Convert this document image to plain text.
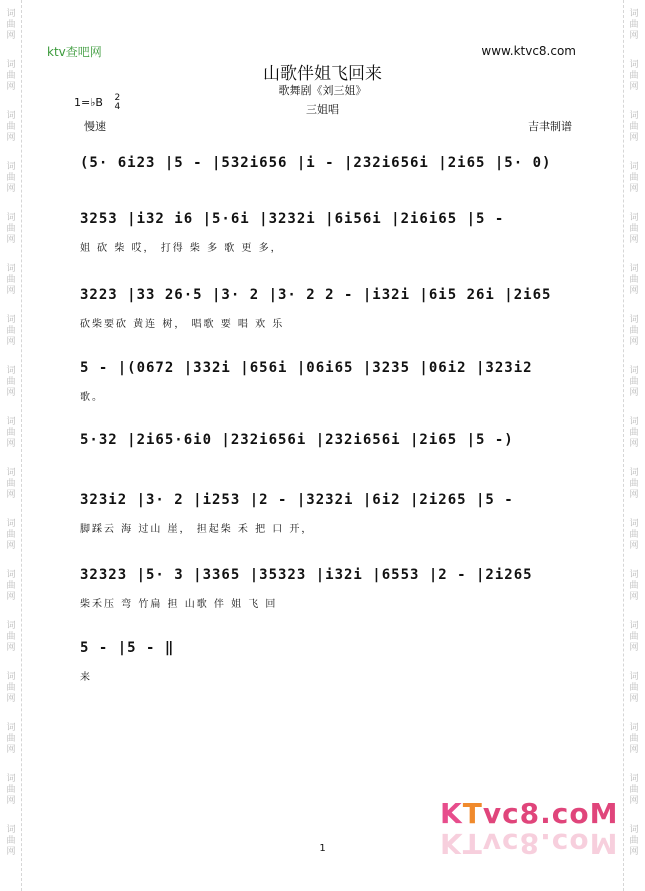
词
曲
网
词
曲
网
词
曲
网
词
曲
网
词
曲
网
词
曲
网
词
曲
网
词
曲
网
词
曲
网
词
曲
网
词
曲
网
词
曲
网
词
曲
网
词
曲
网
词
曲
网
词
曲
网
词
曲
网
词
曲
网
词
曲
网
词
曲
网
词
曲
网
词
曲
网
词
曲
网
词
曲
网
词
曲
网
词
曲
网
词
曲
网
词
曲
网
词
曲
网
词
曲
网
词
曲
网
词
曲
网
词
曲
网
词
曲
网
ktv查吧网	www.ktvc8.com
山歌伴姐飞回来
歌舞剧《刘三姐》
三姐唱
1=♭B 2
4
慢速	吉聿制谱
(5· 6i23 |5 - |532i656 |i - |232i656i |2i65 |5· 0)
3253 |i32 i6 |5·6i |3232i |6i56i |2i6i65 |5 -
姐 砍 柴 哎， 打得 柴 多 歌 更 多，
3223 |33 26·5 |3· 2 |3· 2 2 - |i32i |6i5 26i |2i65
砍柴要砍 黄连 树， 唱歌 要 唱 欢 乐
5 - |(0672 |332i |656i |06i65 |3235 |06i2 |323i2
歌。
5·32 |2i65·6i0 |232i656i |232i656i |2i65 |5 -)
323i2 |3· 2 |i253 |2 - |3232i |6i2 |2i265 |5 -
脚踩云 海 过山 崖， 担起柴 禾 把 口 开，
32323 |5· 3 |3365 |35323 |i32i |6553 |2 - |2i265
柴禾压 弯 竹扁 担 山歌 伴 姐 飞 回
5 - |5 - ‖
来
KTvc8.coM
KTvc8.coM
1
